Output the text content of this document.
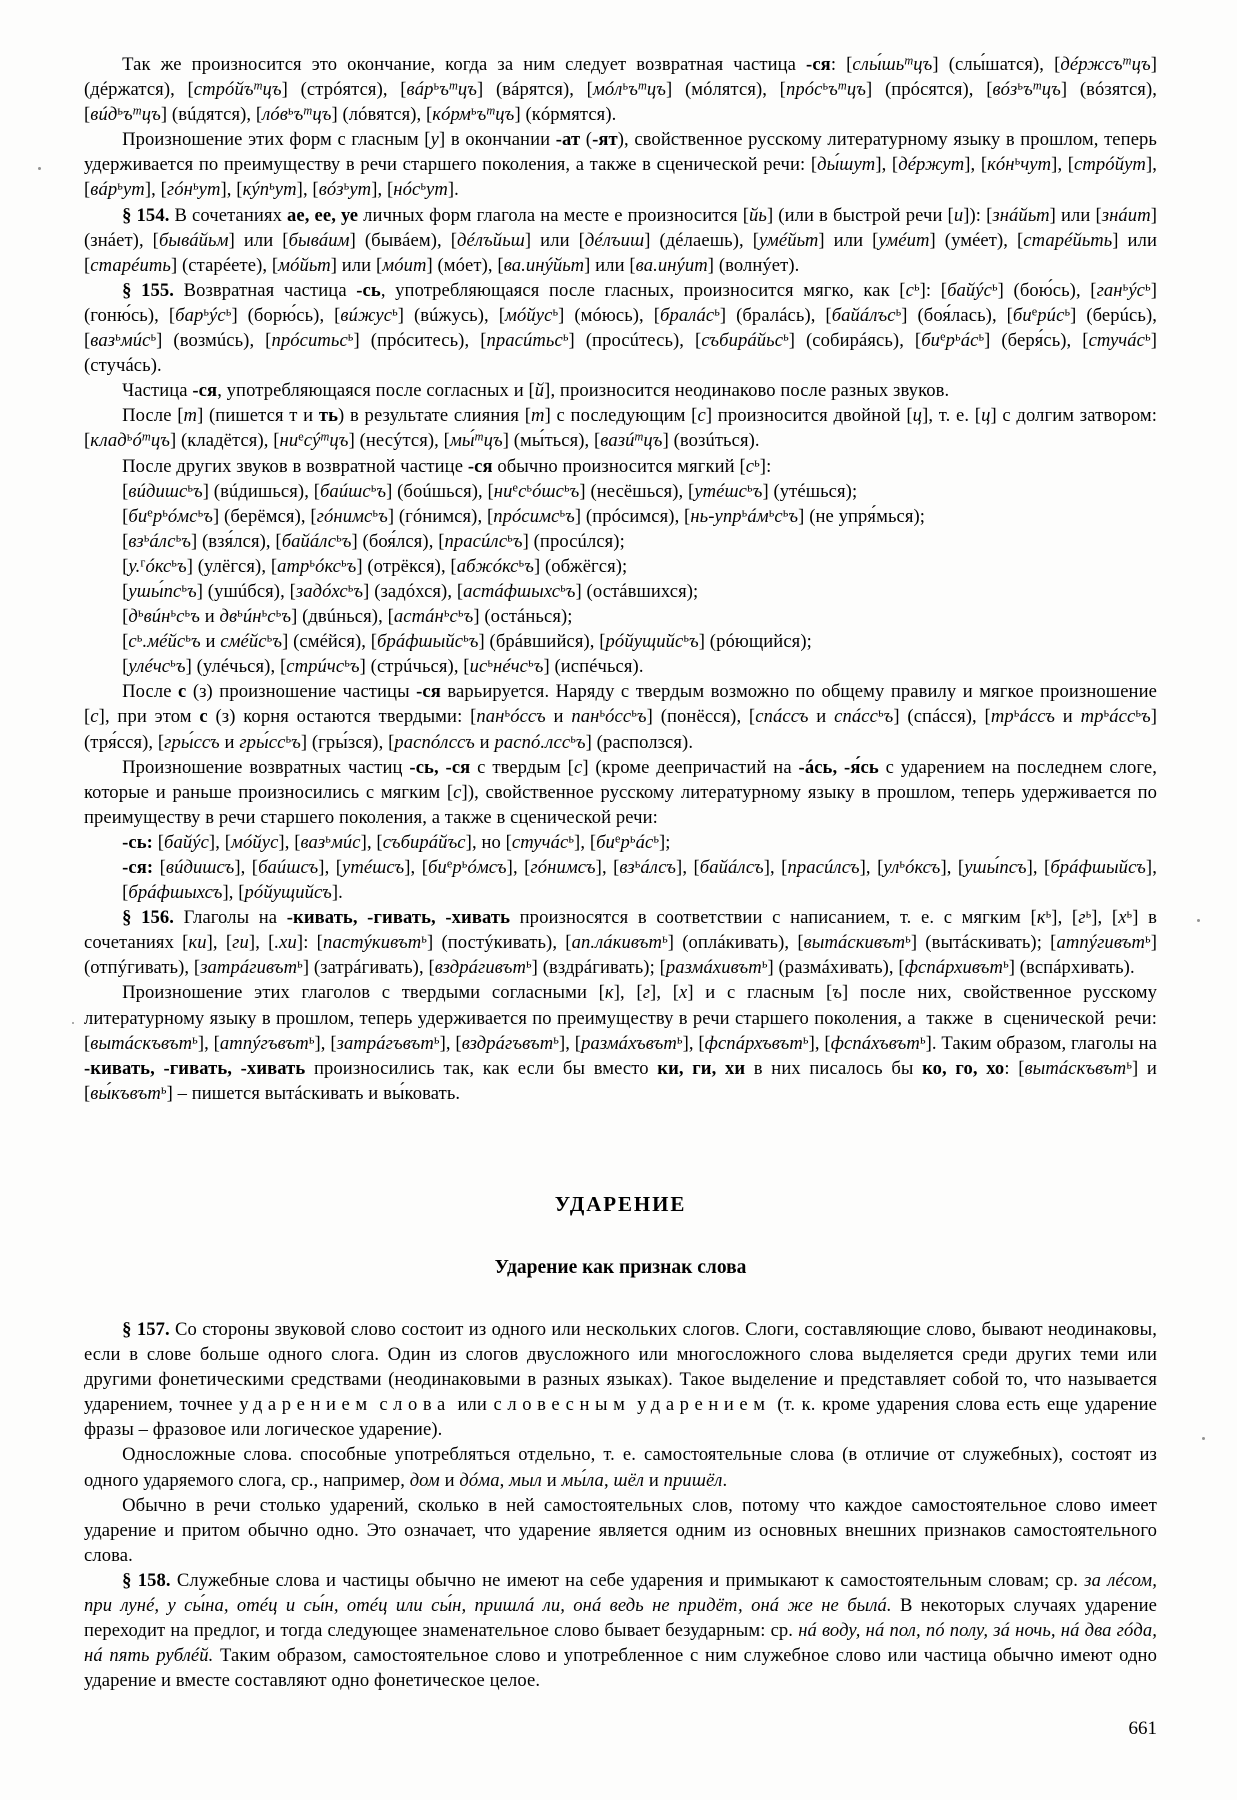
Так же произносится это окончание, когда за ним следует возвратная частица -ся: $[слы́шь^mцъ]$ (слы́шатся), [дéржcъ$^m$цъ] (дéржатся), [стрóйъ$^m$цъ] (стрóятся), $[вáр^ьъ^mцъ]$ (вáрятся), $[мóл^ьъ^mцъ]$ (мóлятся), $[прóс^ьъ^mцъ]$ (прóсятся), $[вóз^ьъ^mцъ]$ (вóзятся), $[вúд^ьъ^mцъ]$ (вúдятся), $[лóв^ьъ^mцъ]$ (лóвятся), $[кóрм^ьъ^mцъ]$ (кóрмятся).

Произношение этих форм с гласным [у] в окончании -ат (-ят), свойственное русскому литературному языку в прошлом, теперь удерживается по преимуществу в речи старшего поколения, а также в сценической речи: [ды́шут], [дéржут], [кóн$^ь$чут], [стрóйут], [вáр$^ь$ут], [гóн$^ь$ут], [кýп$^ь$ут], [вóз$^ь$ут], [нóс$^ь$ут].

§ 154. В сочетаниях ае, ее, уе личных форм глагола на месте е произносится [йь] (или в быстрой речи [и]): [знáйьт] или [знáит] (знáет), [бывáйьм] или [бывáим] (бывáем), [дéлъйьш] или [дéлъиш] (дéлаешь), [умéйьт] или [умéит] (умéет), [старéйьть] или [старéить] (старéете), [мóйьт] или [мóит] (мóет), [ва.инýйьт] или [ва.инýит] (волнýет).

§ 155. Возвратная частица -сь, употребляющаяся после гласных, произносится мягко, как $[с^ь]$: [байýс$^ь$] (бою́сь), $[ган^ьýс^ь]$ (гоню́сь), $[бар^ьýс^ь]$ (борю́сь), [вúжус$^ь$] (вúжусь), [мóйус$^ь$] (мóюсь), [бралáс$^ь$] (бралáсь), [байáлъс$^ь$] (боя́лась), $[би^ерúс^ь]$ (берúсь), [ваз$^ь$мúс$^ь$] (возмúсь), [прóситьс$^ь$] (прóситесь), [прасúтьс$^ь$] (просúтесь), [събирáйьс$^ь$] (собирáясь), $[би^ер^ьáс^ь]$ (беря́сь), [стучáс$^ь$] (стучáсь).

Частица -ся, употребляющаяся после согласных и [й], произносится неодинаково после разных звуков.

После [т] (пишется т и ть) в результате слияния [т] с последующим [с] произносится двойной [ц], т. е. [ц] с долгим затвором: $[клад^ьó^mцъ]$ (кладётся), $[ни^есý^mцъ]$ (несýтся), [мы́$^m$цъ] (мы́ться), [вазú$^m$цъ] (возúться).

После других звуков в возвратной частице -ся обычно произносится мягкий $[с^ь]$:

[вúдишс$^ь$ъ] (вúдишься), [баúшс$^ь$ъ] (боúшься), $[ни^ес^ьóшс^ьъ]$ (несёшься), [утéшс$^ь$ъ] (утéшься);

$[би^ер^ьóмс^ьъ]$ (берёмся), [гóнимс$^ь$ъ] (гóнимся), [прóсимс$^ь$ъ] (прóсимся), $[нь-упр^ьáм^ьс^ьъ]$ (не упря́мься);

$[вз^ьáлс^ьъ]$ (взя́лся), [байáлс$^ь$ъ] (боя́лся), [прасúлс$^ь$ъ] (просúлся);

[у.$^г$óкс$^ь$ъ] (улёгся), [атр$^ь$óкс$^ь$ъ] (отрёкся), [абжóкс$^ь$ъ] (обжёгся);

$[ушы́пс^ьъ]$ (ушúбся), [задóхс$^ь$ъ] (задóхся), [астáфшыхс$^ь$ъ] (остáвшихся);

[$д^ьвúн^ьс^ьъ$ и $дв^ьúн^ьс^ьъ$] (двúнься), $[астáн^ьс^ьъ]$ (остáнься);

[$с^ь.мéйс^ьъ$ и смéйс$^ь$ъ] (смéйся), [брáфшыйс$^ь$ъ] (брáвшийся), [рóйущийс$^ь$ъ] (рóющийся);

[улéчс$^ь$ъ] (улéчься), [стрúчс$^ь$ъ] (стрúчься), $[ис^ьнéчс^ьъ]$ (испéчься).

После с (з) произношение частицы -ся варьируется. Наряду с твердым возможно по общему правилу и мягкое произношение [с], при этом с (з) корня остаются твердыми: [пан$^ь$óссъ и пан$^ь$óсс$^ь$ъ] (понёсся), [спáссъ и спáсс$^ь$ъ] (спáсся), [$тр^ьáссъ$ и $тр^ьáсс^ьъ$] (тря́сся), [гры́ссъ и $гры́сс^ьъ$] (гры́зся), [распóлссъ и распó.лсс$^ь$ъ] (расползся).

Произношение возвратных частиц -сь, -ся с твердым [с] (кроме деепричастий на -áсь, -я́сь с ударением на последнем слоге, которые и раньше произносились с мягким [с]), свойственное русскому литературному языку в прошлом, теперь удерживается по преимуществу в речи старшего поколения, а также в сценической речи:

-сь: [байýс], [мóйус], [ваз$^ь$мúс], [събирáйъс], но [стучáс$^ь$], $[би^ер^ьác^ь]$;

-ся: [вúдишсъ], [баúшсъ], [утéшсъ], $[би^ер^ьóмсъ]$, [гóнимсъ], $[вз^ьáлсъ]$, [байáлсъ], [прасúлсъ], $[ул^ьóксъ]$, [ушы́псъ], [брáфшыйсъ], [брáфшыхсъ], [рóйущийсъ].

§ 156. Глаголы на -кивать, -гивать, -хивать произносятся в соответствии с написанием, т. е. с мягким $[к^ь]$, $[г^ь]$, $[х^ь]$ в сочетаниях [ки], [ги], [.хи]: [пастýкивъm$^ь$] (постýкивать), [ап.лáкивъm$^ь$] (оплáкивать), [вытáскивъm$^ь$] (вытáскивать); [атпýгивъm$^ь$] (отпýгивать), [затрáгивъm$^ь$] (затрáгивать), [вздрáгивъm$^ь$] (вздрáгивать); [размáхивъm$^ь$] (размáхивать), [фспáрхивъm$^ь$] (вспáрхивать).

Произношение этих глаголов с твердыми согласными [к], [г], [х] и с гласным [ъ] после них, свойственное русскому литературному языку в прошлом, теперь удерживается по преимуществу в речи старшего поколения, а  также  в  сценической  речи: [вытáскъвъm$^ь$], [атпýгъвъm$^ь$], [затрáгъвъm$^ь$], [вздрáгъвъm$^ь$], [размáхъвъm$^ь$], [фспáрхъвъm$^ь$], [фспáхъвъm$^ь$]. Таким образом, глаголы на -кивать, -гивать, -хивать произносились так, как если бы вместо ки, ги, хи в них писалось бы ко, го, хо: [вытáскъвъm$^ь$] и [вы́къвъm$^ь$] – пишется вытáскивать и вы́ковать.

УДАРЕНИЕ
Ударение как признак слова

§ 157. Со стороны звуковой слово состоит из одного или нескольких слогов. Слоги, составляющие слово, бывают неодинаковы, если в слове больше одного слога. Один из слогов двусложного или многосложного слова выделяется среди других теми или другими фонетическими средствами (неодинаковыми в разных языках). Такое выделение и представляет собой то, что называется ударением, точнее ударением слова или словесным ударением (т. к. кроме ударения слова есть еще ударение фразы – фразовое или логическое ударение).

Односложные слова. способные употребляться отдельно, т. е. самостоятельные слова (в отличие от служебных), состоят из одного ударяемого слога, ср., например, дом и дóма, мыл и мы́ла, шёл и пришёл.

Обычно в речи столько ударений, сколько в ней самостоятельных слов, потому что каждое самостоятельное слово имеет ударение и притом обычно одно. Это означает, что ударение является одним из основных внешних признаков самостоятельного слова.

§ 158. Служебные слова и частицы обычно не имеют на себе ударения и примыкают к самостоятельным словам; ср. за лéсом, при лунé, у сы́на, отéц и сы́н, отéц или сы́н, пришлá ли, онá ведь не придёт, онá же не былá. В некоторых случаях ударение переходит на предлог, и тогда следующее знаменательное слово бывает безударным: ср. нá воду, нá пол, пó полу, зá ночь, нá два гóда, нá пять рублéй. Таким образом, самостоятельное слово и употребленное с ним служебное слово или частица обычно имеют одно ударение и вместе составляют одно фонетическое целое.

661
